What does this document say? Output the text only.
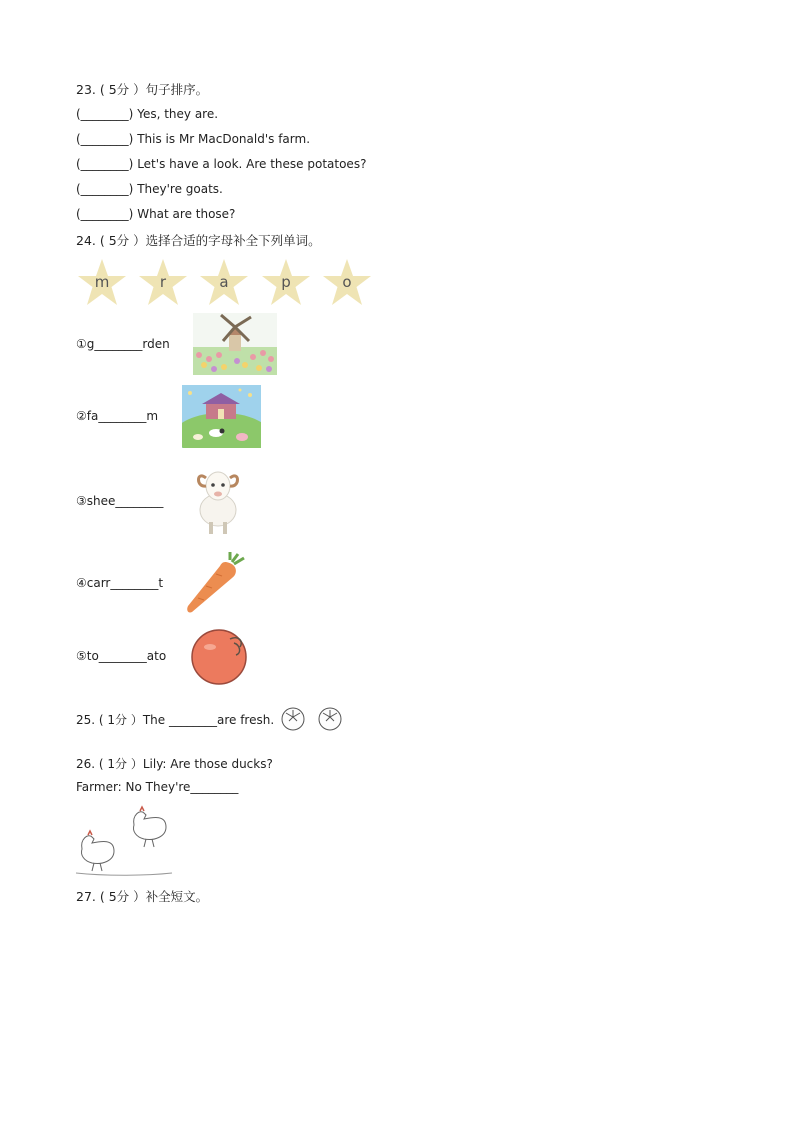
23. ( 5分 ）句子排序。
(________) Yes, they are.
(________) This is Mr MacDonald's farm.
(________) Let's have a look. Are these potatoes?
(________) They're goats.
(________) What are those?
24. ( 5分 ）选择合适的字母补全下列单词。
m	r	a	p	o
①g________rden
②fa________m
③shee________
④carr________t
⑤to________ato
25. ( 1分 ）The ________are fresh.
26. ( 1分 ）Lily: Are those ducks?
Farmer: No They're________
27. ( 5分 ）补全短文。
